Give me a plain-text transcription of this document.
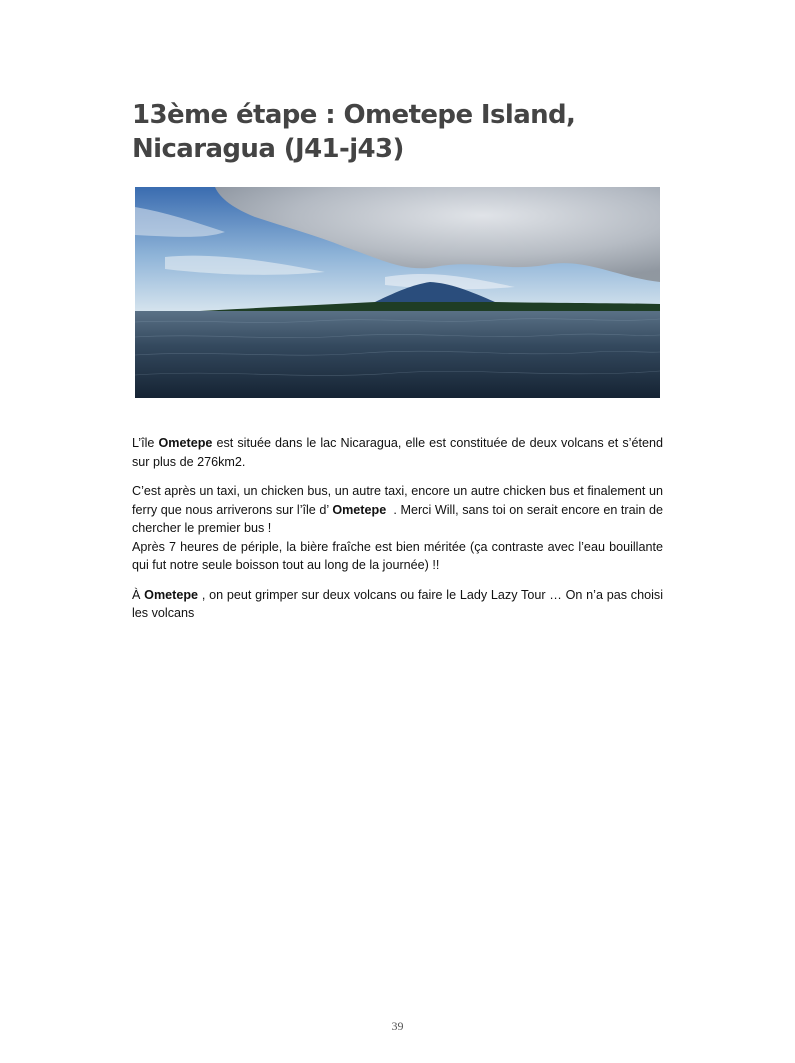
13ème étape : Ometepe Island, Nicaragua (J41-j43)

L’île Ometepe est située dans le lac Nicaragua, elle est constituée de deux volcans et s’étend sur plus de 276km2.

C’est après un taxi, un chicken bus, un autre taxi, encore un autre chicken bus et finalement un ferry que nous arriverons sur l’île d’ Ometepe  . Merci Will, sans toi on serait encore en train de chercher le premier bus !

Après 7 heures de périple, la bière fraîche est bien méritée (ça contraste avec l’eau bouillante qui fut notre seule boisson tout au long de la journée) !!

À Ometepe , on peut grimper sur deux volcans ou faire le Lady Lazy Tour … On n’a pas choisi les volcans

39
